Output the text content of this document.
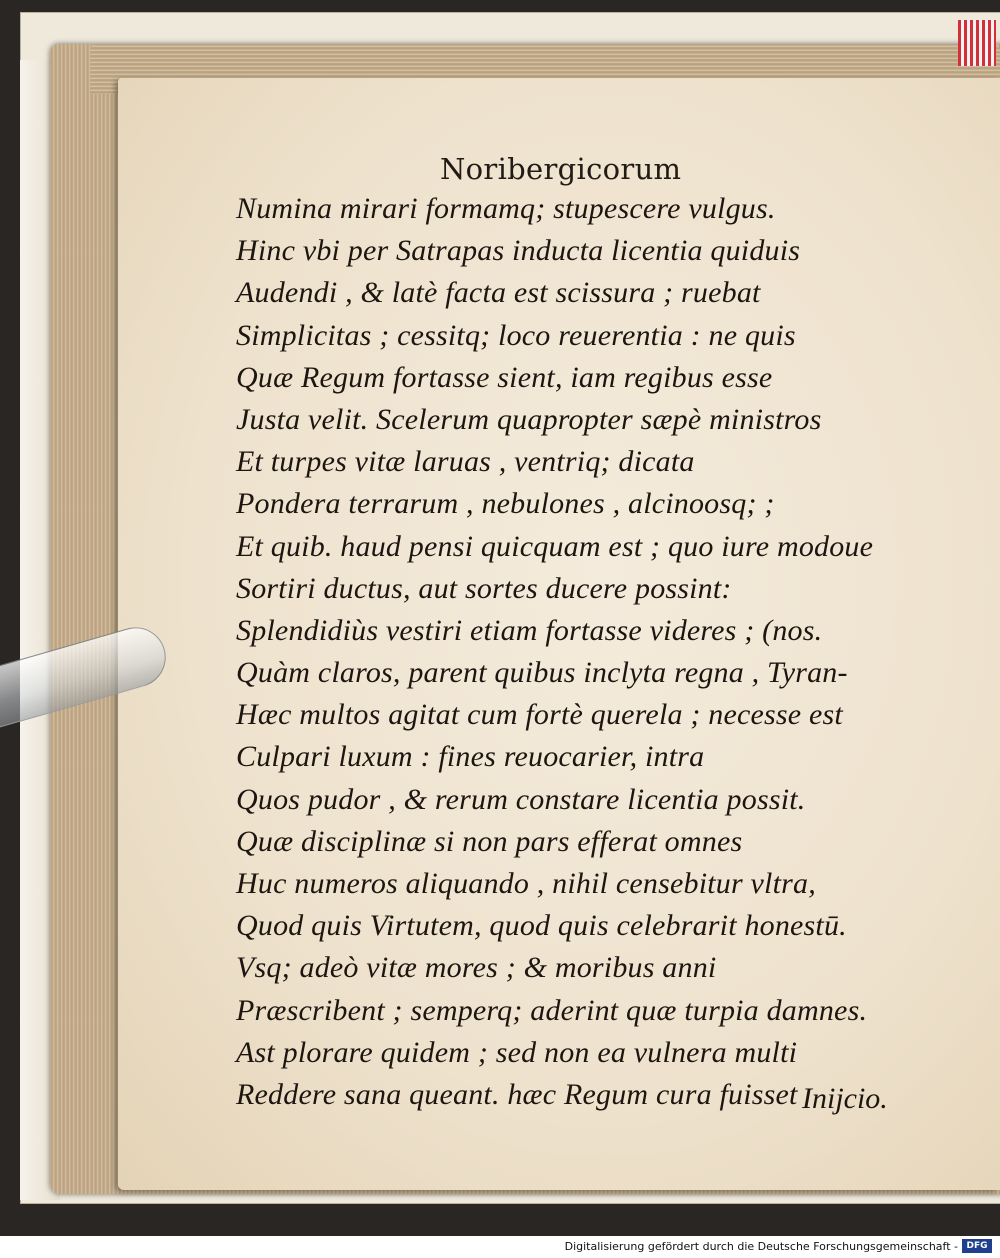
Noribergicorum
Numina mirari formamq; stupescere vulgus.
Hinc vbi per Satrapas inducta licentia quiduis
Audendi , & latè facta est scissura ; ruebat
Simplicitas ; cessitq; loco reuerentia : ne quis
Quæ Regum fortasse sient, iam regibus esse
Justa velit. Scelerum quapropter sæpè ministros
Et turpes vitæ laruas , ventriq; dicata
Pondera terrarum , nebulones , alcinoosq; ;
Et quib. haud pensi quicquam est ; quo iure modoue
Sortiri ductus, aut sortes ducere possint:
Splendidiùs vestiri etiam fortasse videres ; (nos.
Quàm claros, parent quibus inclyta regna , Tyran-
Hæc multos agitat cum fortè querela ; necesse est
Culpari luxum : fines reuocarier, intra
Quos pudor , & rerum constare licentia possit.
Quæ disciplinæ si non pars efferat omnes
Huc numeros aliquando , nihil censebitur vltra,
Quod quis Virtutem, quod quis celebrarit honestū.
Vsq; adeò vitæ mores ; & moribus anni
Præscribent ; semperq; aderint quæ turpia damnes.
Ast plorare quidem ; sed non ea vulnera multi
Reddere sana queant. hæc Regum cura fuisset Inijcio.
Digitalisierung gefördert durch die Deutsche Forschungsgemeinschaft - DFG
